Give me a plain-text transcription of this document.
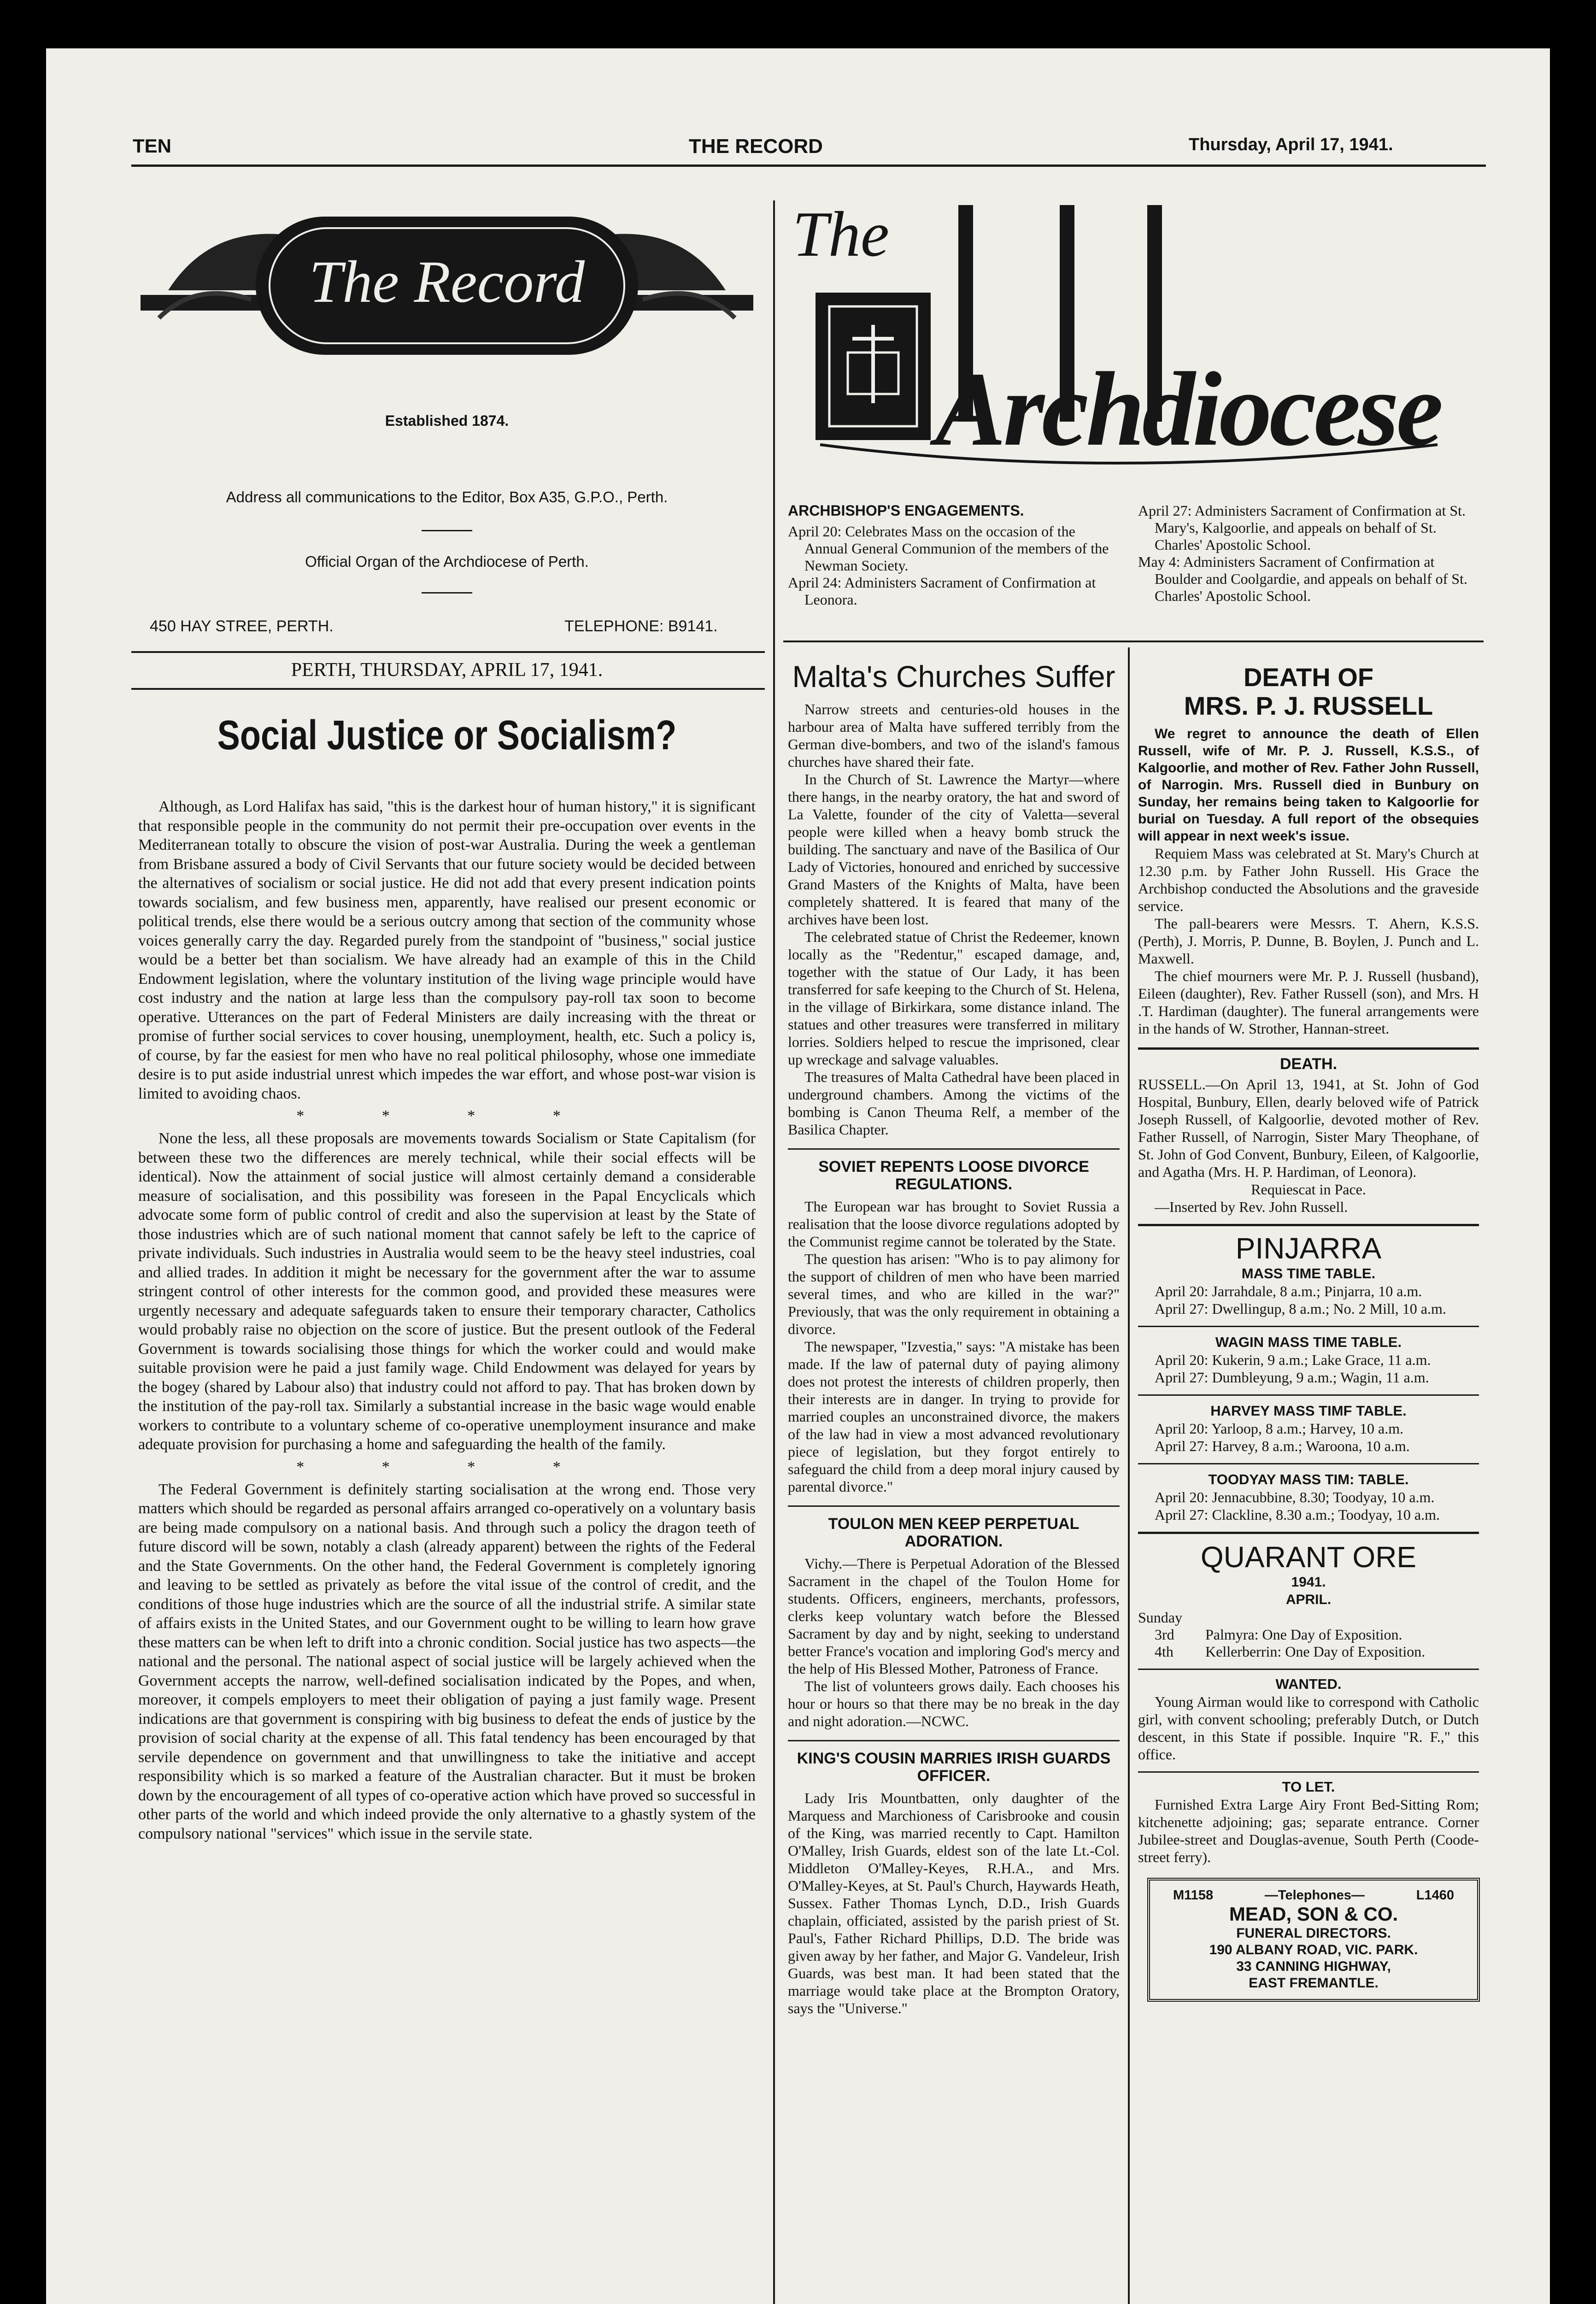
TEN	THE RECORD	Thursday, April 17, 1941.
The Record
Established 1874.
Address all communications to the Editor, Box A35, G.P.O., Perth.
Official Organ of the Archdiocese of Perth.
450 HAY STREE, PERTH.	TELEPHONE: B9141.
PERTH, THURSDAY, APRIL 17, 1941.
Social Justice or Socialism?

Although, as Lord Halifax has said, "this is the darkest hour of human history," it is significant that responsible people in the community do not permit their pre-occupation over events in the Mediterranean totally to obscure the vision of post-war Australia. During the week a gentleman from Brisbane assured a body of Civil Servants that our future society would be decided between the alternatives of socialism or social justice. He did not add that every present indication points towards socialism, and few business men, apparently, have realised our present economic or political trends, else there would be a serious outcry among that section of the community whose voices generally carry the day. Regarded purely from the standpoint of "business," social justice would be a better bet than socialism. We have already had an example of this in the Child Endowment legislation, where the voluntary institution of the living wage principle would have cost industry and the nation at large less than the compulsory pay-roll tax soon to become operative. Utterances on the part of Federal Ministers are daily increasing with the threat or promise of further social services to cover housing, unemployment, health, etc. Such a policy is, of course, by far the easiest for men who have no real political philosophy, whose one immediate desire is to put aside industrial unrest which impedes the war effort, and whose post-war vision is limited to avoiding chaos.

* * * *

None the less, all these proposals are movements towards Socialism or State Capitalism (for between these two the differences are merely technical, while their social effects will be identical). Now the attainment of social justice will almost certainly demand a considerable measure of socialisation, and this possibility was foreseen in the Papal Encyclicals which advocate some form of public control of credit and also the supervision at least by the State of those industries which are of such national moment that cannot safely be left to the caprice of private individuals. Such industries in Australia would seem to be the heavy steel industries, coal and allied trades. In addition it might be necessary for the government after the war to assume stringent control of other interests for the common good, and provided these measures were urgently necessary and adequate safeguards taken to ensure their temporary character, Catholics would probably raise no objection on the score of justice. But the present outlook of the Federal Government is towards socialising those things for which the worker could and would make suitable provision were he paid a just family wage. Child Endowment was delayed for years by the bogey (shared by Labour also) that industry could not afford to pay. That has broken down by the institution of the pay-roll tax. Similarly a substantial increase in the basic wage would enable workers to contribute to a voluntary scheme of co-operative unemployment insurance and make adequate provision for purchasing a home and safeguarding the health of the family.

* * * *

The Federal Government is definitely starting socialisation at the wrong end. Those very matters which should be regarded as personal affairs arranged co-operatively on a voluntary basis are being made compulsory on a national basis. And through such a policy the dragon teeth of future discord will be sown, notably a clash (already apparent) between the rights of the Federal and the State Governments. On the other hand, the Federal Government is completely ignoring and leaving to be settled as privately as before the vital issue of the control of credit, and the conditions of those huge industries which are the source of all the industrial strife. A similar state of affairs exists in the United States, and our Government ought to be willing to learn how grave these matters can be when left to drift into a chronic condition. Social justice has two aspects—the national and the personal. The national aspect of social justice will be largely achieved when the Government accepts the narrow, well-defined socialisation indicated by the Popes, and when, moreover, it compels employers to meet their obligation of paying a just family wage. Present indications are that government is conspiring with big business to defeat the ends of justice by the provision of social charity at the expense of all. This fatal tendency has been encouraged by that servile dependence on government and that unwillingness to take the initiative and accept responsibility which is so marked a feature of the Australian character. But it must be broken down by the encouragement of all types of co-operative action which have proved so successful in other parts of the world and which indeed provide the only alternative to a ghastly system of the compulsory national "services" which issue in the servile state.

The
Archdiocese
ARCHBISHOP'S ENGAGEMENTS.

April 20: Celebrates Mass on the occasion of the Annual General Communion of the members of the Newman Society.

April 24: Administers Sacrament of Confirmation at Leonora.

April 27: Administers Sacrament of Confirmation at St. Mary's, Kalgoorlie, and appeals on behalf of St. Charles' Apostolic School.

May 4: Administers Sacrament of Confirmation at Boulder and Coolgardie, and appeals on behalf of St. Charles' Apostolic School.

Malta's Churches Suffer

Narrow streets and centuries-old houses in the harbour area of Malta have suffered terribly from the German dive-bombers, and two of the island's famous churches have shared their fate.

In the Church of St. Lawrence the Martyr—where there hangs, in the nearby oratory, the hat and sword of La Valette, founder of the city of Valetta—several people were killed when a heavy bomb struck the building. The sanctuary and nave of the Basilica of Our Lady of Victories, honoured and enriched by successive Grand Masters of the Knights of Malta, have been completely shattered. It is feared that many of the archives have been lost.

The celebrated statue of Christ the Redeemer, known locally as the "Redentur," escaped damage, and, together with the statue of Our Lady, it has been transferred for safe keeping to the Church of St. Helena, in the village of Birkirkara, some distance inland. The statues and other treasures were transferred in military lorries. Soldiers helped to rescue the imprisoned, clear up wreckage and salvage valuables.

The treasures of Malta Cathedral have been placed in underground chambers. Among the victims of the bombing is Canon Theuma Relf, a member of the Basilica Chapter.

SOVIET REPENTS LOOSE DIVORCE REGULATIONS.

The European war has brought to Soviet Russia a realisation that the loose divorce regulations adopted by the Communist regime cannot be tolerated by the State.

The question has arisen: "Who is to pay alimony for the support of children of men who have been married several times, and who are killed in the war?" Previously, that was the only requirement in obtaining a divorce.

The newspaper, "Izvestia," says: "A mistake has been made. If the law of paternal duty of paying alimony does not protest the interests of children properly, then their interests are in danger. In trying to provide for married couples an unconstrained divorce, the makers of the law had in view a most advanced revolutionary piece of legislation, but they forgot entirely to safeguard the child from a deep moral injury caused by parental divorce."

TOULON MEN KEEP PERPETUAL ADORATION.

Vichy.—There is Perpetual Adoration of the Blessed Sacrament in the chapel of the Toulon Home for students. Officers, engineers, merchants, professors, clerks keep voluntary watch before the Blessed Sacrament by day and by night, seeking to understand better France's vocation and imploring God's mercy and the help of His Blessed Mother, Patroness of France.

The list of volunteers grows daily. Each chooses his hour or hours so that there may be no break in the day and night adoration.—NCWC.

KING'S COUSIN MARRIES IRISH GUARDS OFFICER.

Lady Iris Mountbatten, only daughter of the Marquess and Marchioness of Carisbrooke and cousin of the King, was married recently to Capt. Hamilton O'Malley, Irish Guards, eldest son of the late Lt.-Col. Middleton O'Malley-Keyes, R.H.A., and Mrs. O'Malley-Keyes, at St. Paul's Church, Haywards Heath, Sussex. Father Thomas Lynch, D.D., Irish Guards chaplain, officiated, assisted by the parish priest of St. Paul's, Father Richard Phillips, D.D. The bride was given away by her father, and Major G. Vandeleur, Irish Guards, was best man. It had been stated that the marriage would take place at the Brompton Oratory, says the "Universe."

DEATH OF
MRS. P. J. RUSSELL

We regret to announce the death of Ellen Russell, wife of Mr. P. J. Russell, K.S.S., of Kalgoorlie, and mother of Rev. Father John Russell, of Narrogin. Mrs. Russell died in Bunbury on Sunday, her remains being taken to Kalgoorlie for burial on Tuesday. A full report of the obsequies will appear in next week's issue.

Requiem Mass was celebrated at St. Mary's Church at 12.30 p.m. by Father John Russell. His Grace the Archbishop conducted the Absolutions and the graveside service.

The pall-bearers were Messrs. T. Ahern, K.S.S. (Perth), J. Morris, P. Dunne, B. Boylen, J. Punch and L. Maxwell.

The chief mourners were Mr. P. J. Russell (husband), Eileen (daughter), Rev. Father Russell (son), and Mrs. H .T. Hardiman (daughter). The funeral arrangements were in the hands of W. Strother, Hannan-street.

DEATH.

RUSSELL.—On April 13, 1941, at St. John of God Hospital, Bunbury, Ellen, dearly beloved wife of Patrick Joseph Russell, of Kalgoorlie, devoted mother of Rev. Father Russell, of Narrogin, Sister Mary Theophane, of St. John of God Convent, Bunbury, Eileen, of Kalgoorlie, and Agatha (Mrs. H. P. Hardiman, of Leonora).

Requiescat in Pace.

—Inserted by Rev. John Russell.

PINJARRA

MASS TIME TABLE.

April 20: Jarrahdale, 8 a.m.; Pinjarra, 10 a.m.

April 27: Dwellingup, 8 a.m.; No. 2 Mill, 10 a.m.

WAGIN MASS TIME TABLE.

April 20: Kukerin, 9 a.m.; Lake Grace, 11 a.m.

April 27: Dumbleyung, 9 a.m.; Wagin, 11 a.m.

HARVEY MASS TIMF TABLE.

April 20: Yarloop, 8 a.m.; Harvey, 10 a.m.

April 27: Harvey, 8 a.m.; Waroona, 10 a.m.

TOODYAY MASS TIM: TABLE.

April 20: Jennacubbine, 8.30; Toodyay, 10 a.m.

April 27: Clackline, 8.30 a.m.; Toodyay, 10 a.m.

QUARANT ORE

1941.

APRIL.

Sunday

3rd	Palmyra: One Day of Exposition.
4th	Kellerberrin: One Day of Exposition.

WANTED.

Young Airman would like to correspond with Catholic girl, with convent schooling; preferably Dutch, or Dutch descent, in this State if possible. Inquire "R. F.," this office.

TO LET.

Furnished Extra Large Airy Front Bed-Sitting Rom; kitchenette adjoining; gas; separate entrance. Corner Jubilee-street and Douglas-avenue, South Perth (Coode-street ferry).

M1158	—Telephones—	L1460
MEAD, SON & CO.
FUNERAL DIRECTORS.
190 ALBANY ROAD, VIC. PARK.
33 CANNING HIGHWAY,
EAST FREMANTLE.
